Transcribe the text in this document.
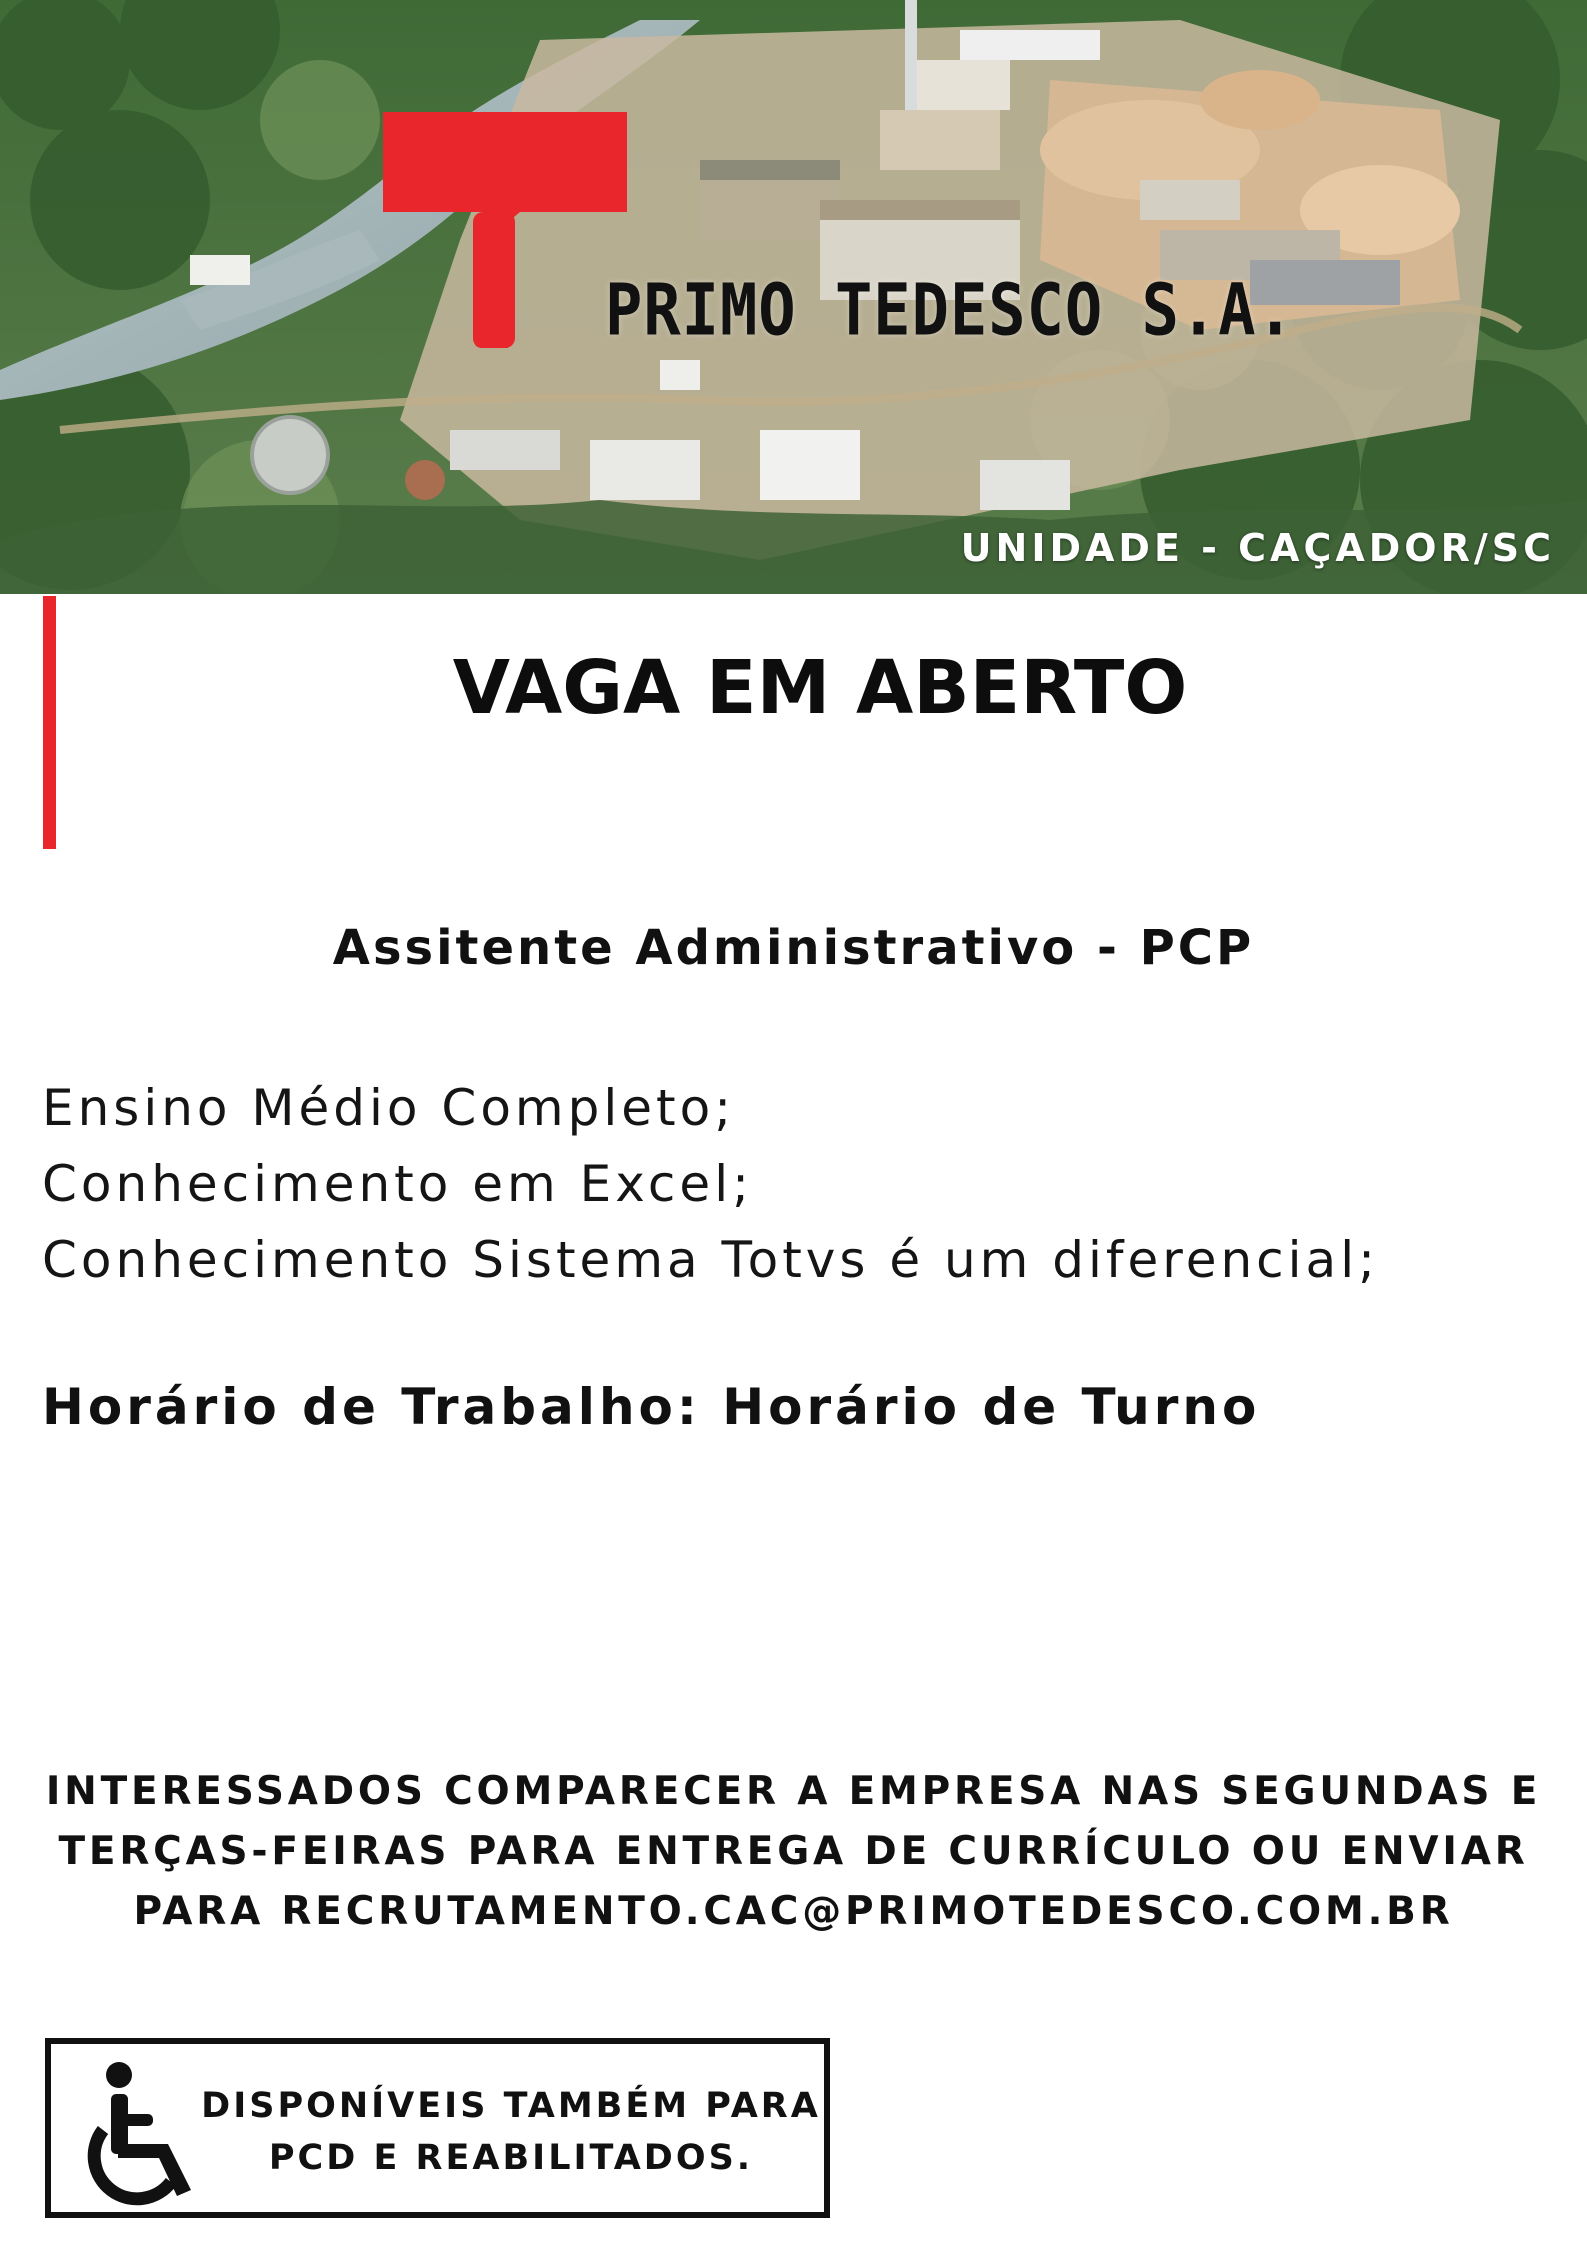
PRIMO TEDESCO S.A.
UNIDADE - CAÇADOR/SC
VAGA EM ABERTO
Assitente Administrativo - PCP
Ensino Médio Completo;
Conhecimento em Excel;
Conhecimento Sistema Totvs é um diferencial;
Horário de Trabalho: Horário de Turno
INTERESSADOS COMPARECER A EMPRESA NAS SEGUNDAS E
TERÇAS-FEIRAS PARA ENTREGA DE CURRÍCULO OU ENVIAR
PARA RECRUTAMENTO.CAC@PRIMOTEDESCO.COM.BR
DISPONÍVEIS TAMBÉM PARA
PCD E REABILITADOS.
